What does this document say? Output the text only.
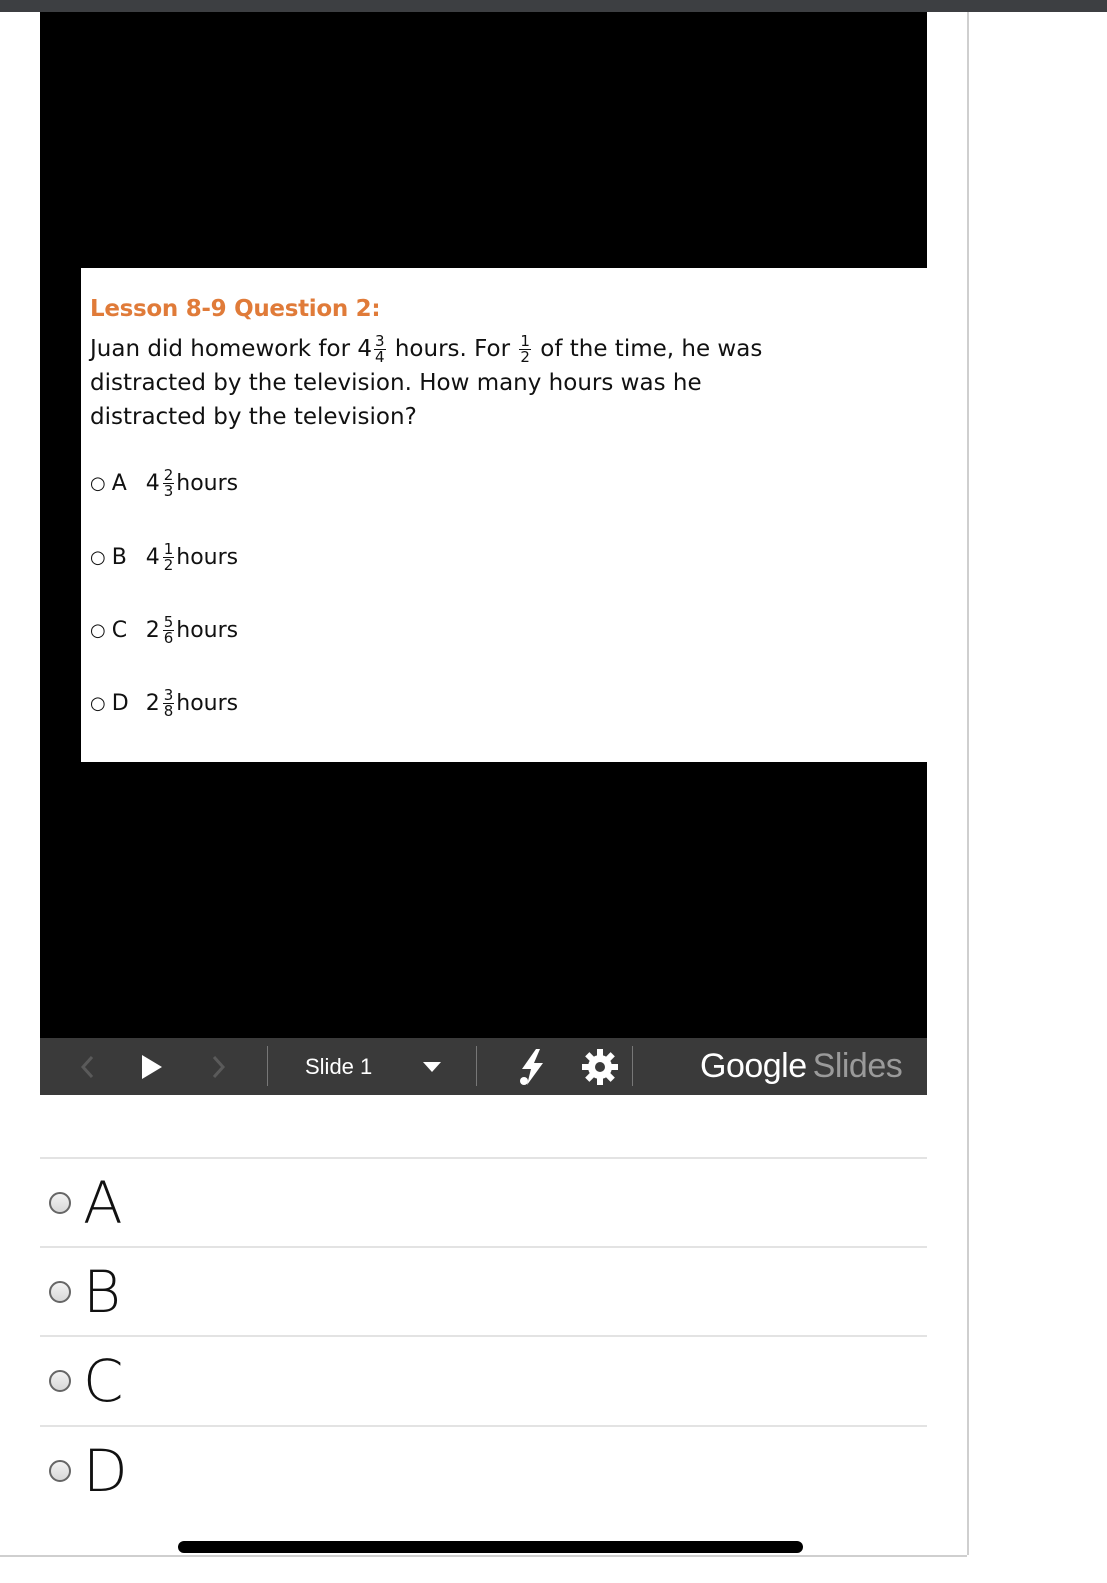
Lesson 8-9 Question 2:
Juan did homework for $4 \frac{3}{4}$ hours. For $\frac{1}{2}$ of the time, he was distracted by the television. How many hours was he distracted by the television?
○ A $4 \frac{2}{3}$ hours
○ B $4 \frac{1}{2}$ hours
○ C $2 \frac{5}{6}$ hours
○ D $2 \frac{3}{8}$ hours
Slide 1	Google Slides
A
B
C
D
